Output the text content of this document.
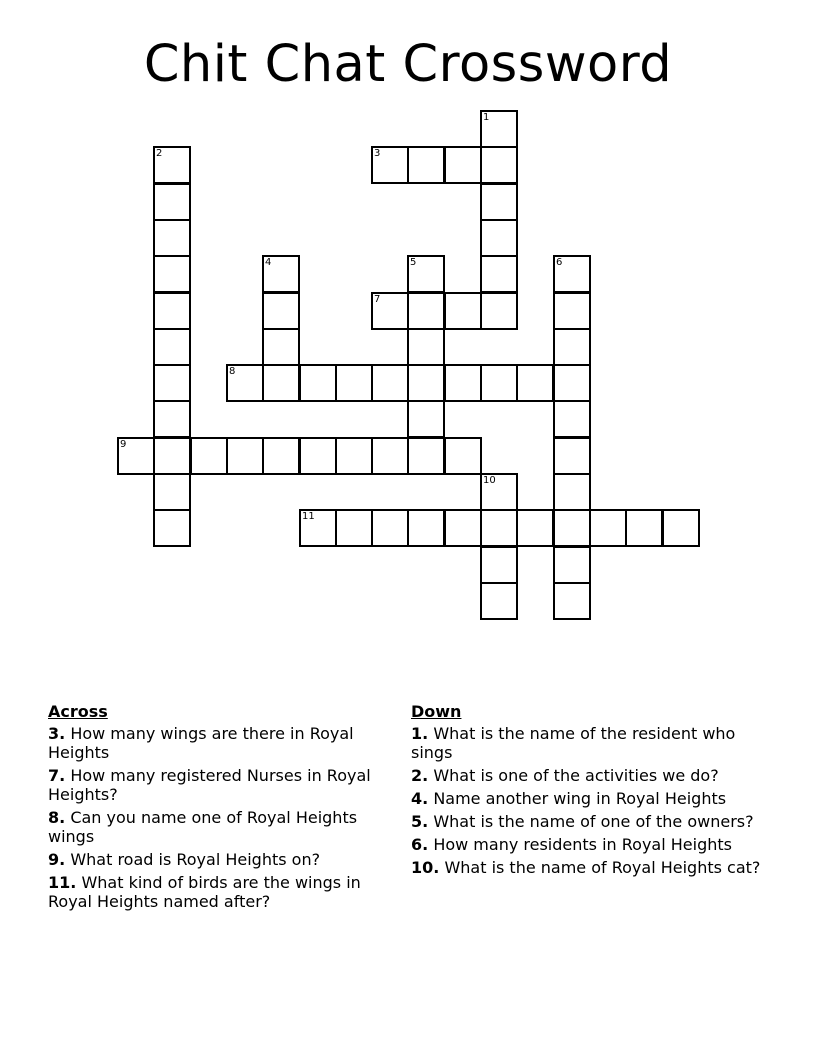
Chit Chat Crossword
1
2	3
4	5	6
7
8
9
10
11
Across
3. How many wings are there in Royal Heights
7. How many registered Nurses in Royal Heights?
8. Can you name one of Royal Heights wings
9. What road is Royal Heights on?
11. What kind of birds are the wings in Royal Heights named after?
Down
1. What is the name of the resident who sings
2. What is one of the activities we do?
4. Name another wing in Royal Heights
5. What is the name of one of the owners?
6. How many residents in Royal Heights
10. What is the name of Royal Heights cat?
